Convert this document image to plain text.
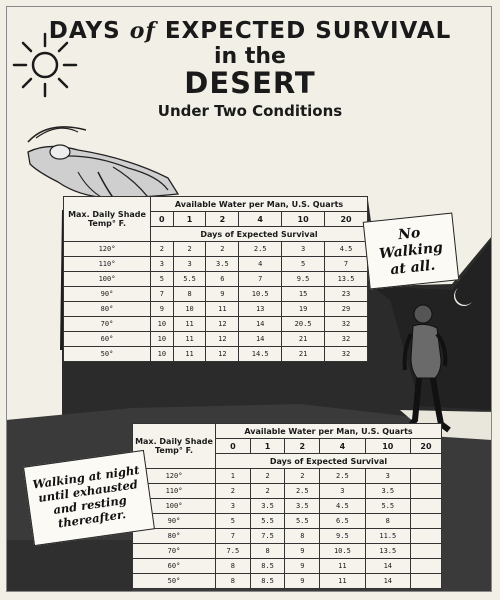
DAYS of EXPECTED SURVIVAL
in the
DESERT
Under Two Conditions
Max. Daily Shade Temp° F.	Available Water per Man, U.S. Quarts					
	0	1	2	4	10	20
	Days of Expected Survival					
120°	2	2	2	2.5	3	4.5
110°	3	3	3.5	4	5	7
100°	5	5.5	6	7	9.5	13.5
90°	7	8	9	10.5	15	23
80°	9	10	11	13	19	29
70°	10	11	12	14	20.5	32
60°	10	11	12	14	21	32
50°	10	11	12	14.5	21	32
No Walking at all.
Max. Daily Shade Temp° F.	Available Water per Man, U.S. Quarts					
	0	1	2	4	10	20
	Days of Expected Survival					
120°	1	2	2	2.5	3	
110°	2	2	2.5	3	3.5	
100°	3	3.5	3.5	4.5	5.5	
90°	5	5.5	5.5	6.5	8	
80°	7	7.5	8	9.5	11.5	
70°	7.5	8	9	10.5	13.5	
60°	8	8.5	9	11	14	
50°	8	8.5	9	11	14	
Walking at night until exhausted and resting thereafter.
